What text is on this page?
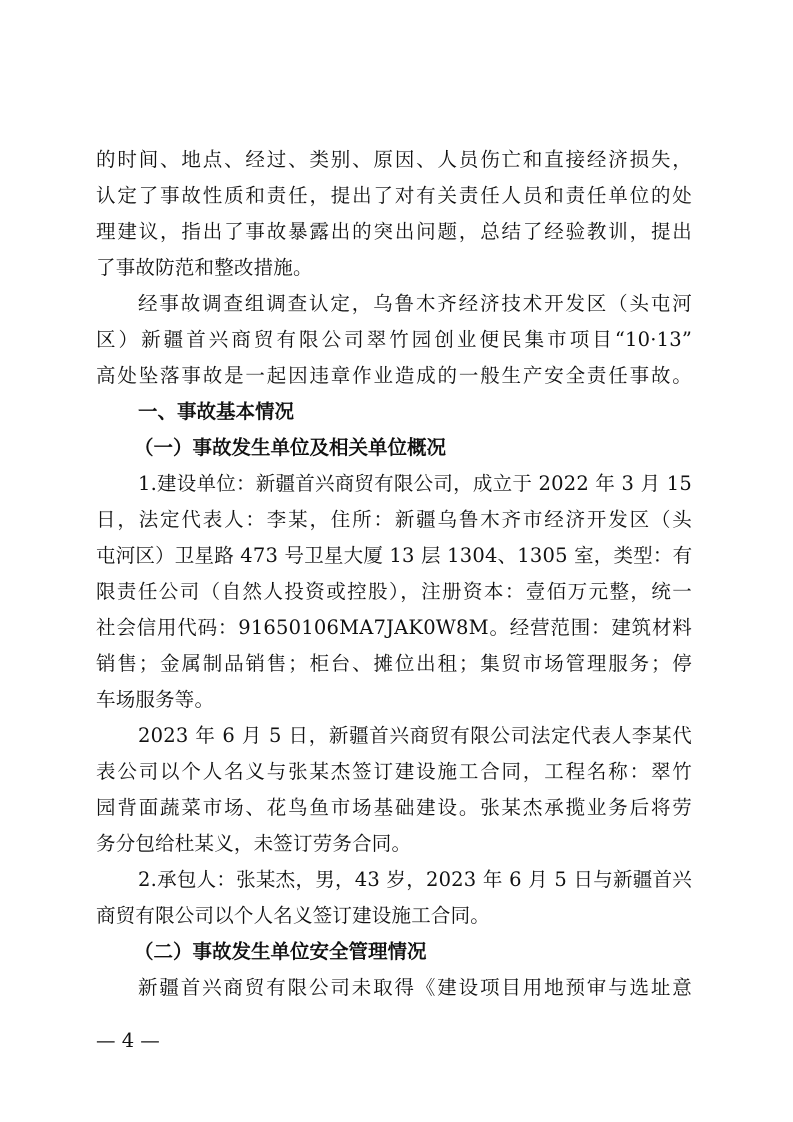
的时间、地点、经过、类别、原因、人员伤亡和直接经济损失，
认定了事故性质和责任，提出了对有关责任人员和责任单位的处
理建议，指出了事故暴露出的突出问题，总结了经验教训，提出
了事故防范和整改措施。
经事故调查组调查认定，乌鲁木齐经济技术开发区（头屯河
区）新疆首兴商贸有限公司翠竹园创业便民集市项目“10·13”
高处坠落事故是一起因违章作业造成的一般生产安全责任事故。
一、事故基本情况
（一）事故发生单位及相关单位概况
1.建设单位：新疆首兴商贸有限公司，成立于 2022 年 3 月 15
日，法定代表人：李某，住所：新疆乌鲁木齐市经济开发区（头
屯河区）卫星路 473 号卫星大厦 13 层 1304、1305 室，类型：有
限责任公司（自然人投资或控股），注册资本：壹佰万元整，统一
社会信用代码：91650106MA7JAK0W8M。经营范围：建筑材料
销售；金属制品销售；柜台、摊位出租；集贸市场管理服务；停
车场服务等。
2023 年 6 月 5 日，新疆首兴商贸有限公司法定代表人李某代
表公司以个人名义与张某杰签订建设施工合同，工程名称：翠竹
园背面蔬菜市场、花鸟鱼市场基础建设。张某杰承揽业务后将劳
务分包给杜某义，未签订劳务合同。
2.承包人：张某杰，男，43 岁，2023 年 6 月 5 日与新疆首兴
商贸有限公司以个人名义签订建设施工合同。
（二）事故发生单位安全管理情况
新疆首兴商贸有限公司未取得《建设项目用地预审与选址意
— 4 —
